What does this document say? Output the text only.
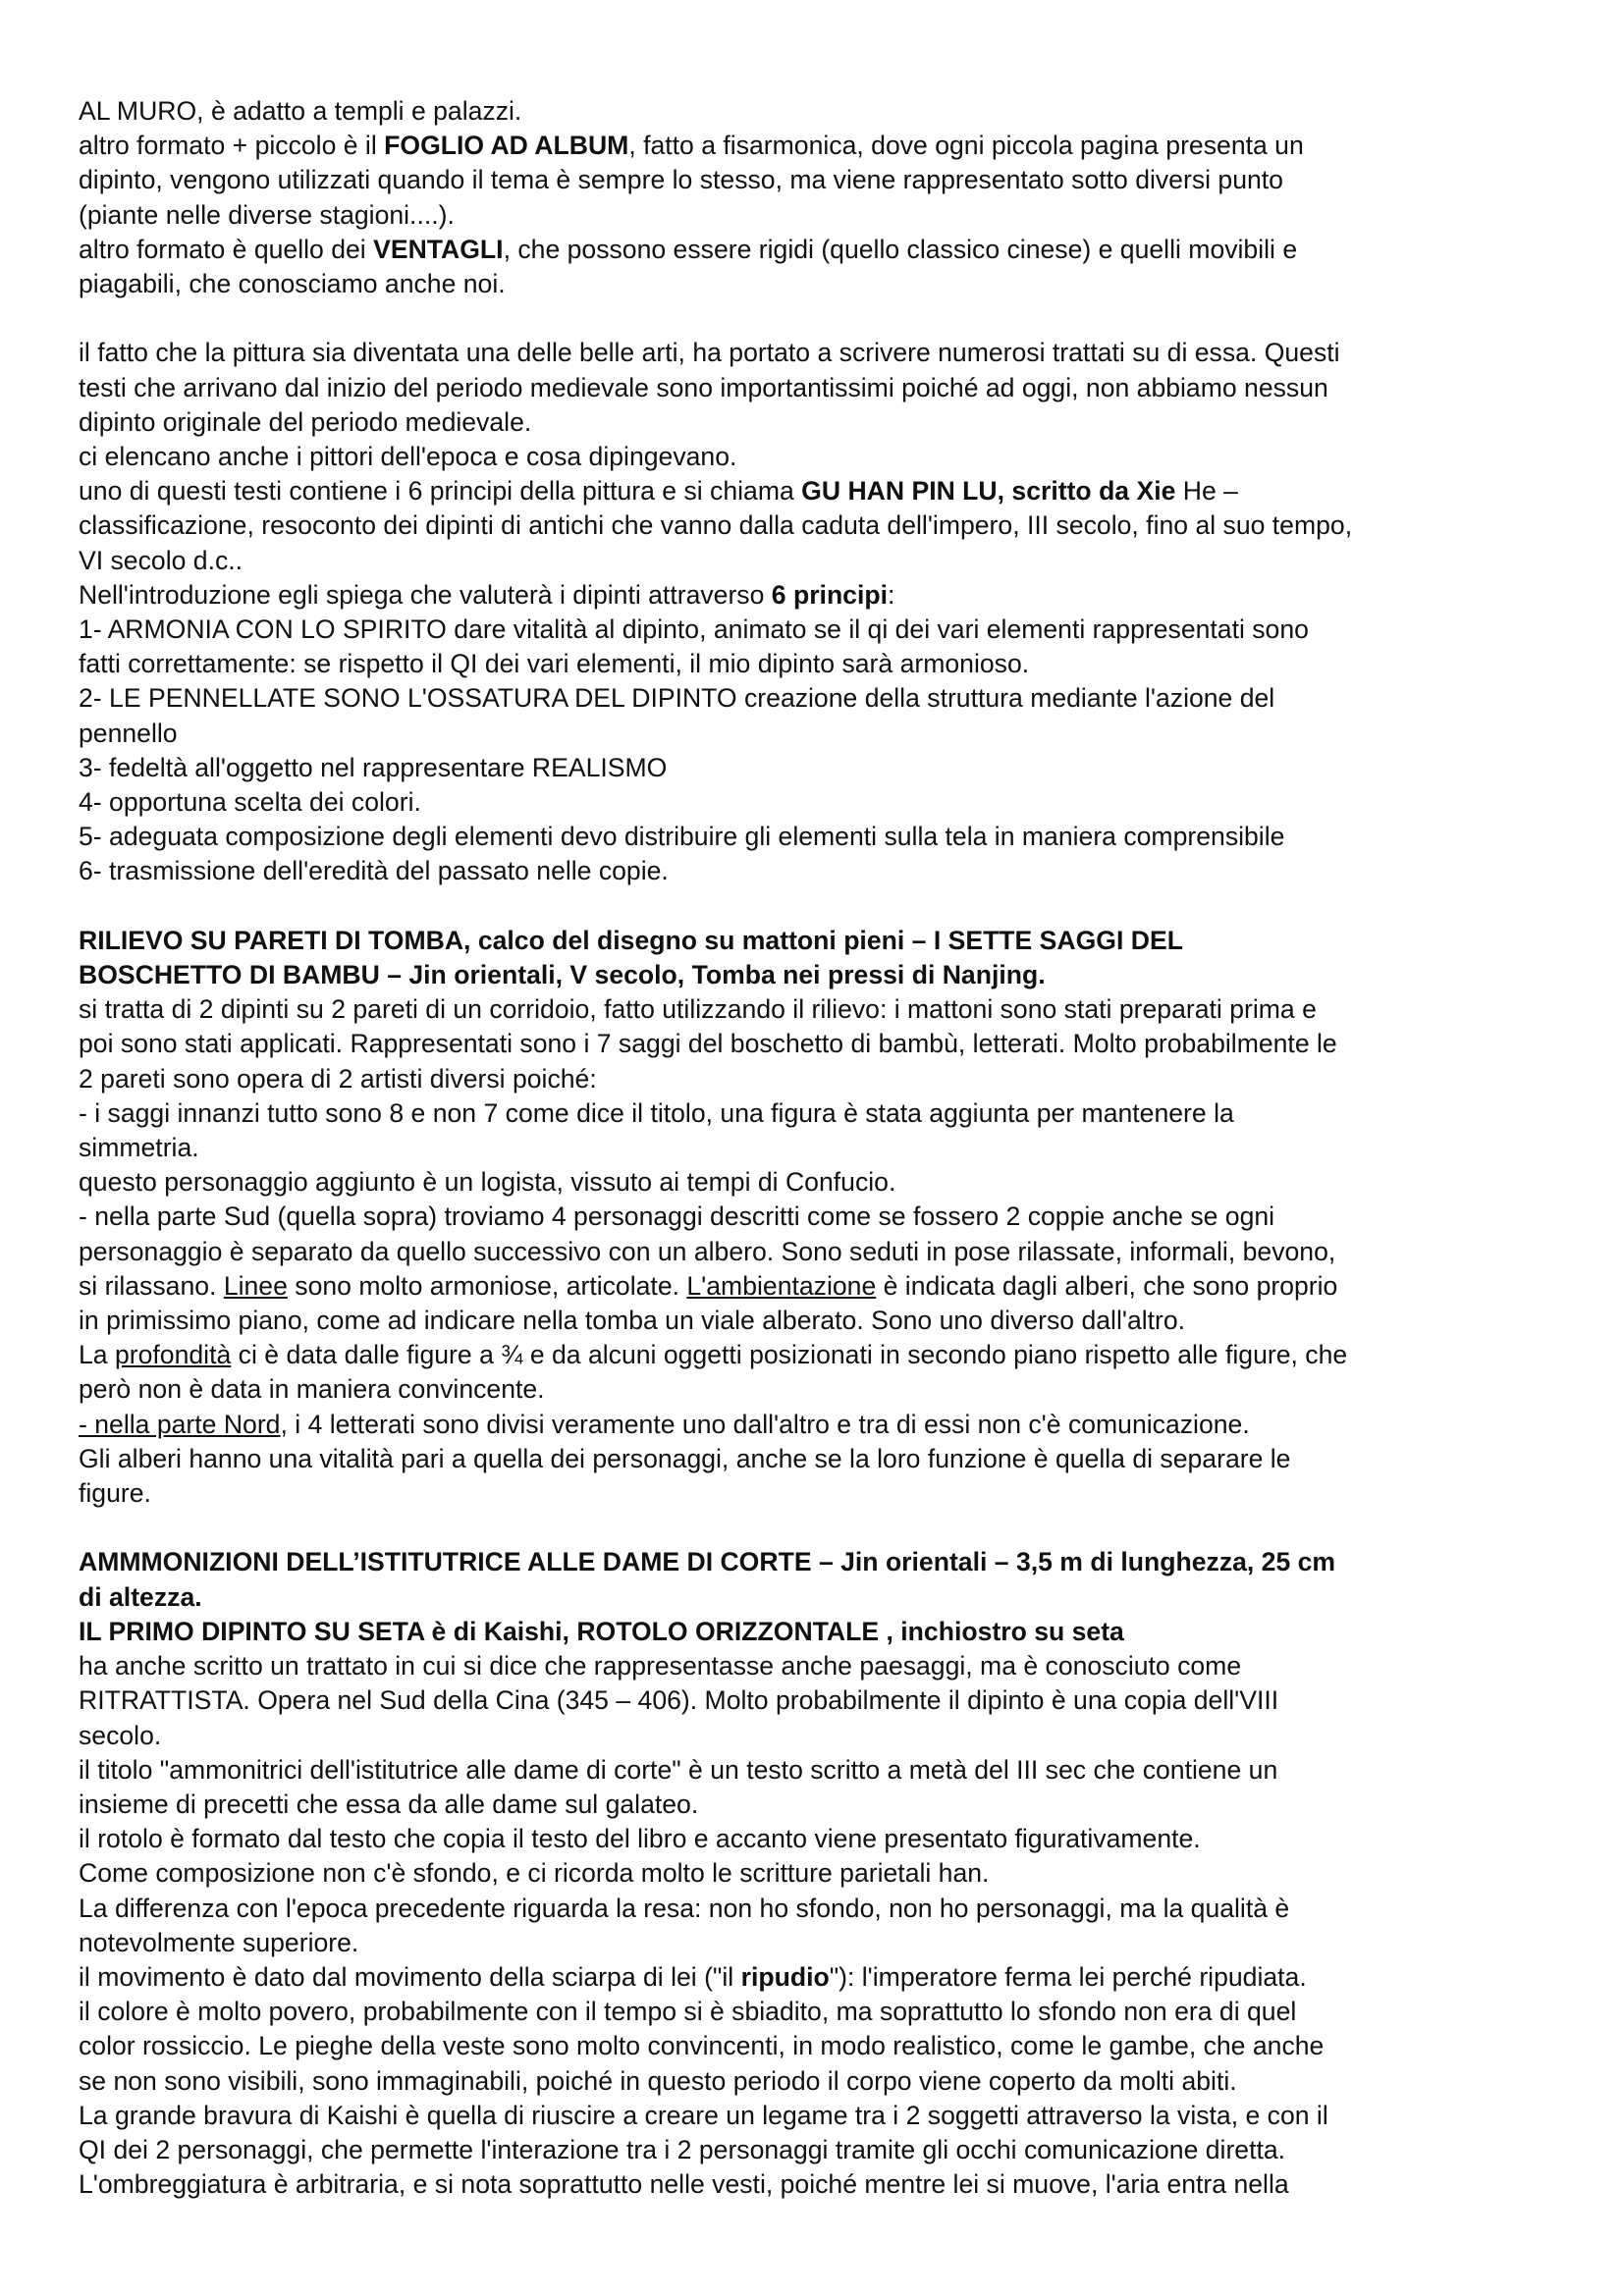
AL MURO, è adatto a templi e palazzi.
altro formato + piccolo è il FOGLIO AD ALBUM, fatto a fisarmonica, dove ogni piccola pagina presenta un
dipinto, vengono utilizzati quando il tema è sempre lo stesso, ma viene rappresentato sotto diversi punto
(piante nelle diverse stagioni....).
altro formato è quello dei VENTAGLI, che possono essere rigidi (quello classico cinese) e quelli movibili e
piagabili, che conosciamo anche noi.
il fatto che la pittura sia diventata una delle belle arti, ha portato a scrivere numerosi trattati su di essa. Questi
testi che arrivano dal inizio del periodo medievale sono importantissimi poiché ad oggi, non abbiamo nessun
dipinto originale del periodo medievale.
ci elencano anche i pittori dell'epoca e cosa dipingevano.
uno di questi testi contiene i 6 principi della pittura e si chiama GU HAN PIN LU, scritto da Xie He –
classificazione, resoconto dei dipinti di antichi che vanno dalla caduta dell'impero, III secolo, fino al suo tempo,
VI secolo d.c..
Nell'introduzione egli spiega che valuterà i dipinti attraverso 6 principi:
1- ARMONIA CON LO SPIRITO dare vitalità al dipinto, animato se il qi dei vari elementi rappresentati sono
fatti correttamente: se rispetto il QI dei vari elementi, il mio dipinto sarà armonioso.
2- LE PENNELLATE SONO L'OSSATURA DEL DIPINTO creazione della struttura mediante l'azione del
pennello
3- fedeltà all'oggetto nel rappresentare REALISMO
4- opportuna scelta dei colori.
5- adeguata composizione degli elementi devo distribuire gli elementi sulla tela in maniera comprensibile
6- trasmissione dell'eredità del passato nelle copie.
RILIEVO SU PARETI DI TOMBA, calco del disegno su mattoni pieni – I SETTE SAGGI DEL
BOSCHETTO DI BAMBU – Jin orientali, V secolo, Tomba nei pressi di Nanjing.
si tratta di 2 dipinti su 2 pareti di un corridoio, fatto utilizzando il rilievo: i mattoni sono stati preparati prima e
poi sono stati applicati. Rappresentati sono i 7 saggi del boschetto di bambù, letterati. Molto probabilmente le
2 pareti sono opera di 2 artisti diversi poiché:
- i saggi innanzi tutto sono 8 e non 7 come dice il titolo, una figura è stata aggiunta per mantenere la
simmetria.
questo personaggio aggiunto è un logista, vissuto ai tempi di Confucio.
- nella parte Sud (quella sopra) troviamo 4 personaggi descritti come se fossero 2 coppie anche se ogni
personaggio è separato da quello successivo con un albero. Sono seduti in pose rilassate, informali, bevono,
si rilassano. Linee sono molto armoniose, articolate. L'ambientazione è indicata dagli alberi, che sono proprio
in primissimo piano, come ad indicare nella tomba un viale alberato. Sono uno diverso dall'altro.
La profondità ci è data dalle figure a ¾ e da alcuni oggetti posizionati in secondo piano rispetto alle figure, che
però non è data in maniera convincente.
- nella parte Nord, i 4 letterati sono divisi veramente uno dall'altro e tra di essi non c'è comunicazione.
Gli alberi hanno una vitalità pari a quella dei personaggi, anche se la loro funzione è quella di separare le
figure.
AMMMONIZIONI DELL’ISTITUTRICE ALLE DAME DI CORTE – Jin orientali – 3,5 m di lunghezza, 25 cm
di altezza.
IL PRIMO DIPINTO SU SETA è di Kaishi, ROTOLO ORIZZONTALE , inchiostro su seta
ha anche scritto un trattato in cui si dice che rappresentasse anche paesaggi, ma è conosciuto come
RITRATTISTA. Opera nel Sud della Cina (345 – 406). Molto probabilmente il dipinto è una copia dell'VIII
secolo.
il titolo "ammonitrici dell'istitutrice alle dame di corte" è un testo scritto a metà del III sec che contiene un
insieme di precetti che essa da alle dame sul galateo.
il rotolo è formato dal testo che copia il testo del libro e accanto viene presentato figurativamente.
Come composizione non c'è sfondo, e ci ricorda molto le scritture parietali han.
La differenza con l'epoca precedente riguarda la resa: non ho sfondo, non ho personaggi, ma la qualità è
notevolmente superiore.
il movimento è dato dal movimento della sciarpa di lei ("il ripudio"): l'imperatore ferma lei perché ripudiata.
il colore è molto povero, probabilmente con il tempo si è sbiadito, ma soprattutto lo sfondo non era di quel
color rossiccio. Le pieghe della veste sono molto convincenti, in modo realistico, come le gambe, che anche
se non sono visibili, sono immaginabili, poiché in questo periodo il corpo viene coperto da molti abiti.
La grande bravura di Kaishi è quella di riuscire a creare un legame tra i 2 soggetti attraverso la vista, e con il
QI dei 2 personaggi, che permette l'interazione tra i 2 personaggi tramite gli occhi comunicazione diretta.
L'ombreggiatura è arbitraria, e si nota soprattutto nelle vesti, poiché mentre lei si muove, l'aria entra nella
